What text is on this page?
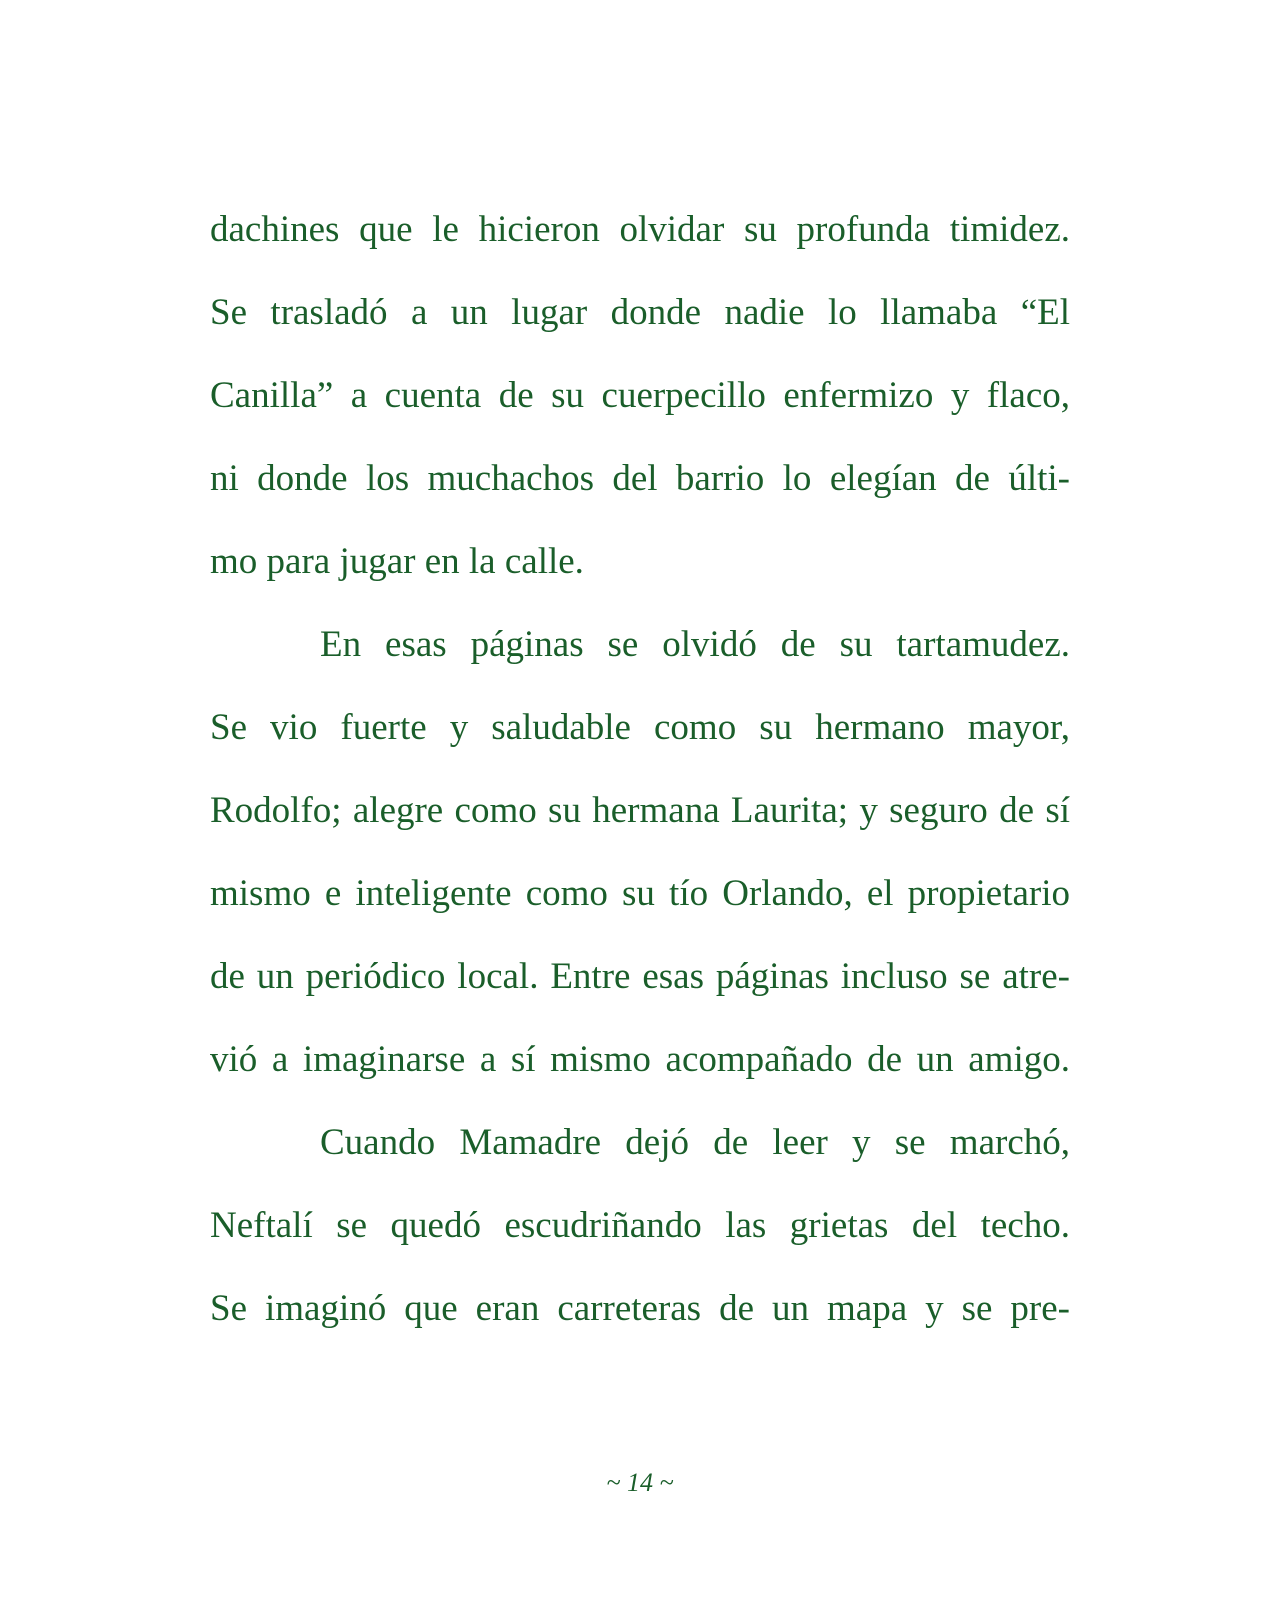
dachines que le hicieron olvidar su profunda timidez.
Se trasladó a un lugar donde nadie lo llamaba “El
Canilla” a cuenta de su cuerpecillo enfermizo y flaco,
ni donde los muchachos del barrio lo elegían de últi-
mo para jugar en la calle.
En esas páginas se olvidó de su tartamudez.
Se vio fuerte y saludable como su hermano mayor,
Rodolfo; alegre como su hermana Laurita; y seguro de sí
mismo e inteligente como su tío Orlando, el propietario
de un periódico local. Entre esas páginas incluso se atre-
vió a imaginarse a sí mismo acompañado de un amigo.
Cuando Mamadre dejó de leer y se marchó,
Neftalí se quedó escudriñando las grietas del techo.
Se imaginó que eran carreteras de un mapa y se pre-
~ 14 ~
